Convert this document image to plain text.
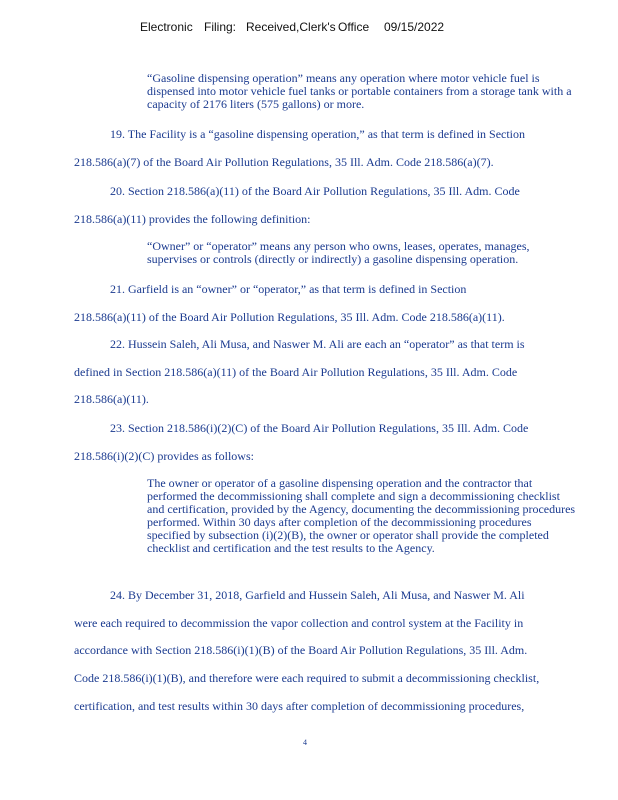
Electronic Filing: Received,Clerk's Office	09/15/2022
“Gasoline dispensing operation” means any operation where motor vehicle fuel is dispensed into motor vehicle fuel tanks or portable containers from a storage tank with a capacity of 2176 liters (575 gallons) or more.
19. The Facility is a “gasoline dispensing operation,” as that term is defined in Section
218.586(a)(7) of the Board Air Pollution Regulations, 35 Ill. Adm. Code 218.586(a)(7).
20. Section 218.586(a)(11) of the Board Air Pollution Regulations, 35 Ill. Adm. Code
218.586(a)(11) provides the following definition:
“Owner” or “operator” means any person who owns, leases, operates, manages, supervises or controls (directly or indirectly) a gasoline dispensing operation.
21. Garfield is an “owner” or “operator,” as that term is defined in Section
218.586(a)(11) of the Board Air Pollution Regulations, 35 Ill. Adm. Code 218.586(a)(11).
22. Hussein Saleh, Ali Musa, and Naswer M. Ali are each an “operator” as that term is
defined in Section 218.586(a)(11) of the Board Air Pollution Regulations, 35 Ill. Adm. Code
218.586(a)(11).
23. Section 218.586(i)(2)(C) of the Board Air Pollution Regulations, 35 Ill. Adm. Code
218.586(i)(2)(C) provides as follows:
The owner or operator of a gasoline dispensing operation and the contractor that performed the decommissioning shall complete and sign a decommissioning checklist and certification, provided by the Agency, documenting the decommissioning procedures performed. Within 30 days after completion of the decommissioning procedures specified by subsection (i)(2)(B), the owner or operator shall provide the completed checklist and certification and the test results to the Agency.
24. By December 31, 2018, Garfield and Hussein Saleh, Ali Musa, and Naswer M. Ali
were each required to decommission the vapor collection and control system at the Facility in
accordance with Section 218.586(i)(1)(B) of the Board Air Pollution Regulations, 35 Ill. Adm.
Code 218.586(i)(1)(B), and therefore were each required to submit a decommissioning checklist,
certification, and test results within 30 days after completion of decommissioning procedures,
4
